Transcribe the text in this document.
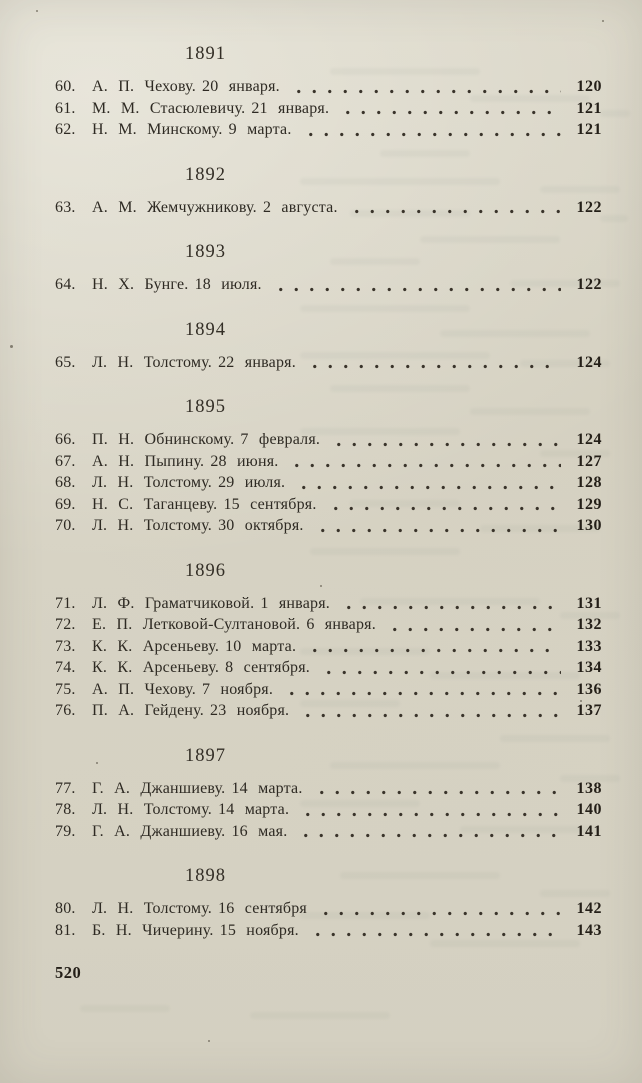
1891
60.	А. П. Чехову. 20 января.	120
61.	М. М. Стасюлевичу. 21 января.	121
62.	Н. М. Минскому. 9 марта.	121
1892
63.	А. М. Жемчужникову. 2 августа.	122
1893
64.	Н. Х. Бунге. 18 июля.	122
1894
65.	Л. Н. Толстому. 22 января.	124
1895
66.	П. Н. Обнинскому. 7 февраля.	124
67.	А. Н. Пыпину. 28 июня.	127
68.	Л. Н. Толстому. 29 июля.	128
69.	Н. С. Таганцеву. 15 сентября.	129
70.	Л. Н. Толстому. 30 октября.	130
1896
71.	Л. Ф. Граматчиковой. 1 января.	131
72.	Е. П. Летковой-Султановой. 6 января.	132
73.	К. К. Арсеньеву. 10 марта.	133
74.	К. К. Арсеньеву. 8 сентября.	134
75.	А. П. Чехову. 7 ноября.	136
76.	П. А. Гейдену. 23 ноября.	137
1897
77.	Г. А. Джаншиеву. 14 марта.	138
78.	Л. Н. Толстому. 14 марта.	140
79.	Г. А. Джаншиеву. 16 мая.	141
1898
80.	Л. Н. Толстому. 16 сентября	142
81.	Б. Н. Чичерину. 15 ноября.	143
520
